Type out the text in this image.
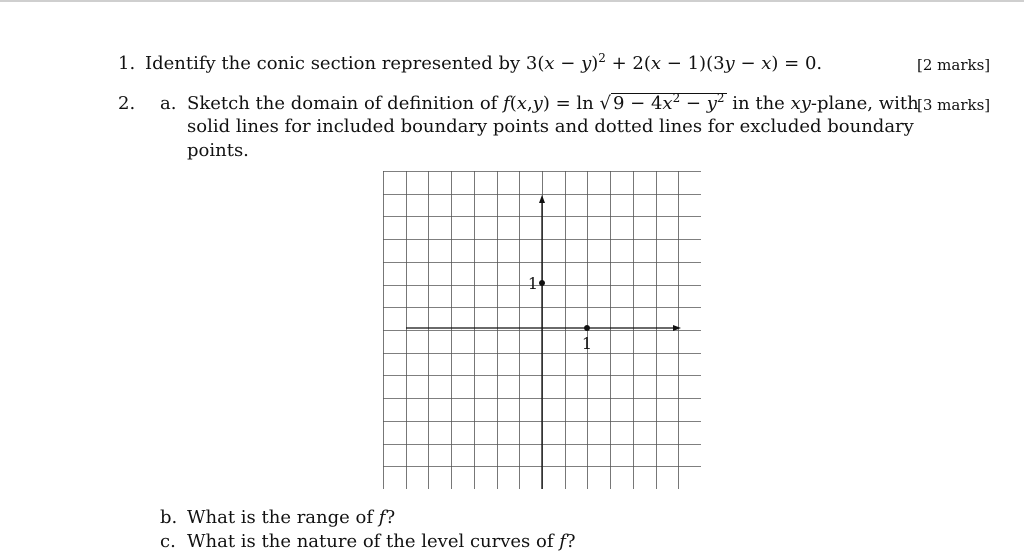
1. Identify the conic section represented by $3(x - y)^2 + 2(x - 1)(3y - x) = 0$.	[2 marks]
2. a. Sketch the domain of definition of f(x,y) = ln √ $9 - 4x^2 - y^2$ in the xy-plane, with
[3 marks]
solid lines for included boundary points and dotted lines for excluded boundary
points.
1
1
b. What is the range of f?
c. What is the nature of the level curves of f?
